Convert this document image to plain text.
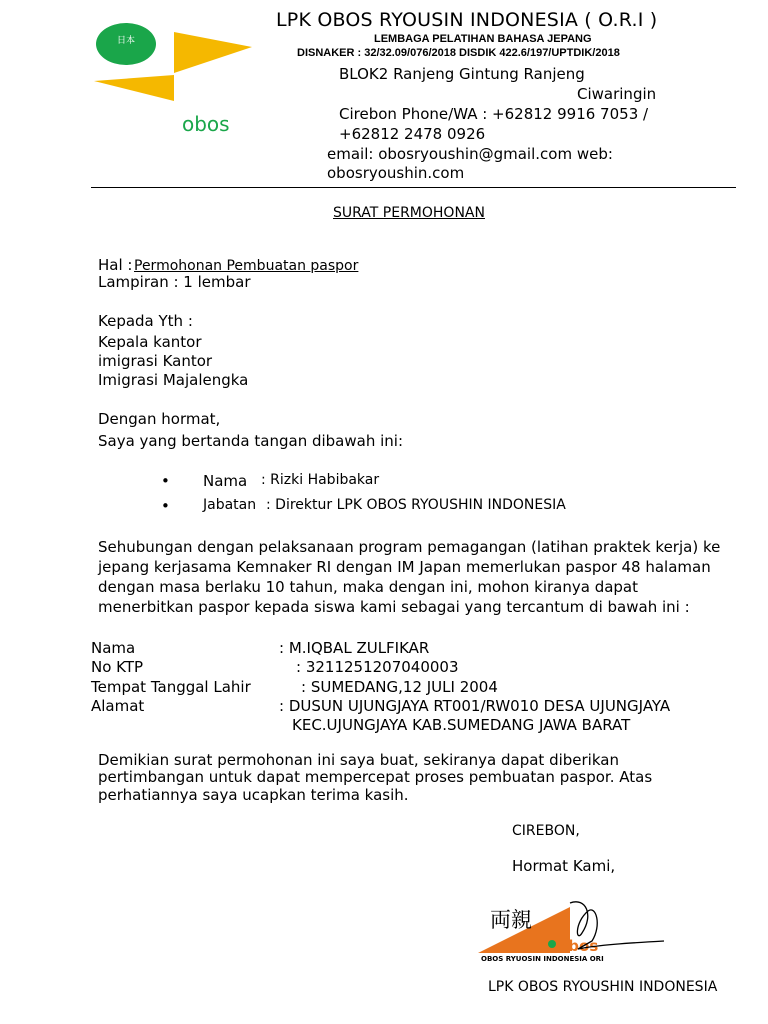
日本
obos
LPK OBOS RYOUSIN INDONESIA ( O.R.I )
LEMBAGA PELATIHAN BAHASA JEPANG
DISNAKER : 32/32.09/076/2018 DISDIK 422.6/197/UPTDIK/2018
BLOK2 Ranjeng Gintung Ranjeng
Ciwaringin
Cirebon Phone/WA : +62812 9916 7053 /
+62812 2478 0926
email: obosryoushin@gmail.com web:
obosryoushin.com
SURAT PERMOHONAN
Hal : Permohonan Pembuatan paspor
Lampiran : 1 lembar
Kepada Yth :
Kepala kantor
imigrasi Kantor
Imigrasi Majalengka
Dengan hormat,
Saya yang bertanda tangan dibawah ini:
•
•
Nama : Rizki Habibakar
Jabatan : Direktur LPK OBOS RYOUSHIN INDONESIA
Sehubungan dengan pelaksanaan program pemagangan (latihan praktek kerja) ke
jepang kerjasama Kemnaker RI dengan IM Japan memerlukan paspor 48 halaman
dengan masa berlaku 10 tahun, maka dengan ini, mohon kiranya dapat
menerbitkan paspor kepada siswa kami sebagai yang tercantum di bawah ini :
Nama	: M.IQBAL ZULFIKAR
No KTP	: 3211251207040003
Tempat Tanggal Lahir	: SUMEDANG,12 JULI 2004
Alamat	: DUSUN UJUNGJAYA RT001/RW010 DESA UJUNGJAYA
KEC.UJUNGJAYA KAB.SUMEDANG JAWA BARAT
Demikian surat permohonan ini saya buat, sekiranya dapat diberikan
pertimbangan untuk dapat mempercepat proses pembuatan paspor. Atas
perhatiannya saya ucapkan terima kasih.
CIREBON,
Hormat Kami,
両親
obos
OBOS RYUOSIN INDONESIA ORI
LPK OBOS RYOUSHIN INDONESIA
